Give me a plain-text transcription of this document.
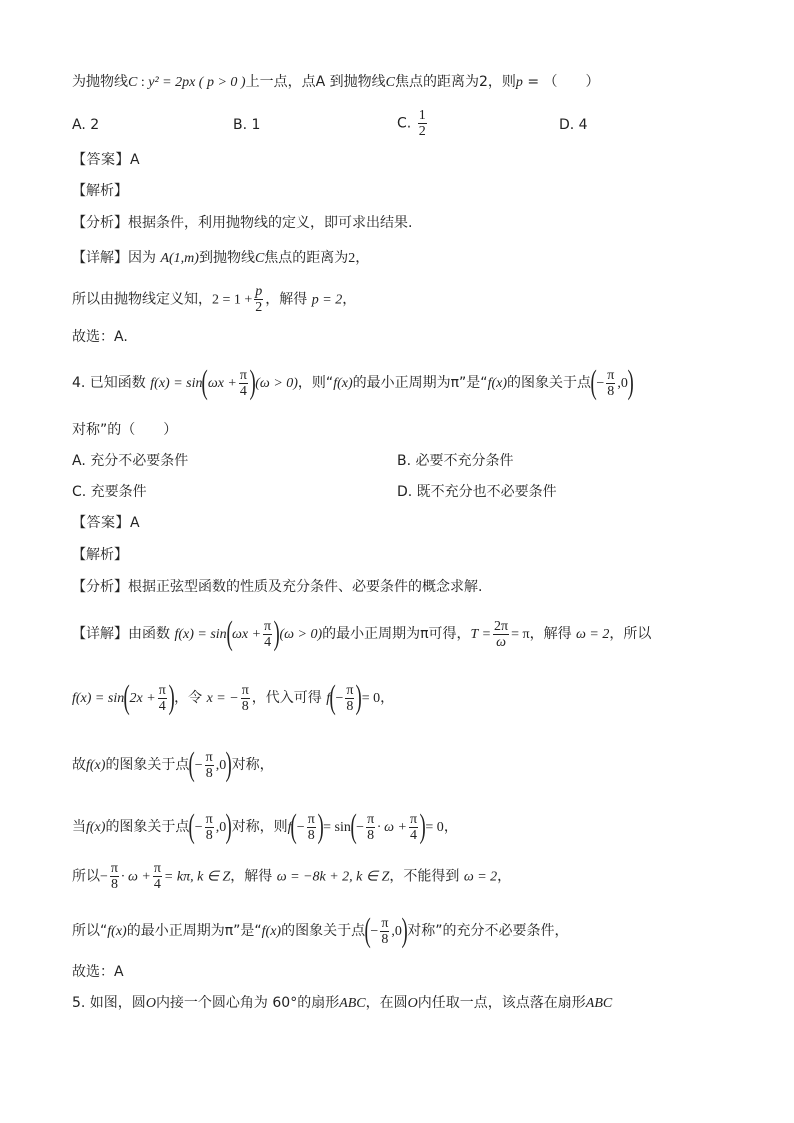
为抛物线C : y² = 2px ( p > 0 )上一点，点A 到抛物线C焦点的距离为2，则p = （　　）
A. 2	B. 1	C. $\frac{1}{2}$	D. 4
【答案】A
【解析】
【分析】根据条件，利用抛物线的定义，即可求出结果.
【详解】因为 A(1,m)到抛物线C焦点的距离为2，
所以由抛物线定义知，$2 = 1 + \frac{p}{2}$ ，解得 p = 2，
故选：A.
4. 已知函数 $f(x) = \sin(\omega x + \frac{\pi}{4} )(\omega > 0)$，则“f(x)的最小正周期为π”是“f(x)的图象关于点(− $\frac{\pi}{8} ,0$)
对称”的（　　）
A. 充分不必要条件	B. 必要不充分条件
C. 充要条件	D. 既不充分也不必要条件
【答案】A
【解析】
【分析】根据正弦型函数的性质及充分条件、必要条件的概念求解.
【详解】由函数 $f(x) = \sin(\omega x + \frac{\pi}{4} )(\omega > 0)$的最小正周期为π可得，$T = \frac{2\pi}{\omega} = \pi$，解得 ω = 2，所以
$f(x) = \sin(2x + \frac{\pi}{4}$ )，令 x = − $\frac{\pi}{8}$ ，代入可得 $f(- \frac{\pi}{8}$ )= 0，
故f(x)的图象关于点(− $\frac{\pi}{8} ,0$)对称，
当f(x)的图象关于点(− $\frac{\pi}{8} ,0$)对称，则$f(- \frac{\pi}{8}$ )= $\sin(- \frac{\pi}{8} \cdot \omega + \frac{\pi}{4}$ )= 0，
所以− $\frac{\pi}{8} \cdot \omega + \frac{\pi}{4} = k\pi$, k ∈ Z，解得 ω = −8k + 2, k ∈ Z，不能得到 ω = 2，
所以“f(x)的最小正周期为π”是“f(x)的图象关于点(− $\frac{\pi}{8} ,0$)对称”的充分不必要条件，
故选：A
5. 如图，圆O内接一个圆心角为 60°的扇形ABC，在圆O内任取一点，该点落在扇形ABC
